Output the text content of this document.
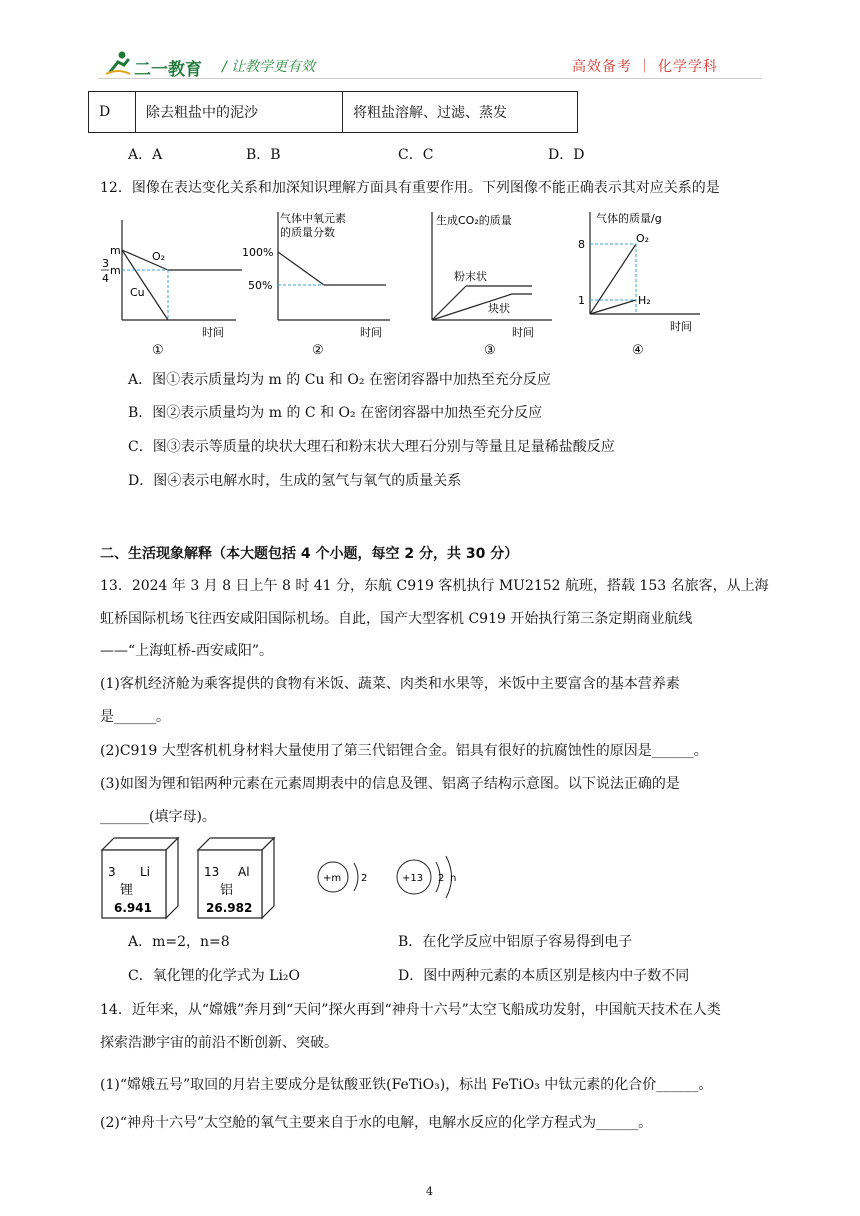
二一教育 / 让教学更有效	高效备考 ｜ 化学学科
D	除去粗盐中的泥沙	将粗盐溶解、过滤、蒸发
A．A	B．B	C．C	D．D
12．图像在表达变化关系和加深知识理解方面具有重要作用。下列图像不能正确表示其对应关系的是
m
3
4
m
O₂
Cu
时间
①
气体中氧元素
的质量分数
100%
50%
时间
②
生成CO₂的质量
粉末状
块状
时间
③
气体的质量/g
8
1
O₂
H₂
时间
④
A．图①表示质量均为 m 的 Cu 和 O₂ 在密闭容器中加热至充分反应
B．图②表示质量均为 m 的 C 和 O₂ 在密闭容器中加热至充分反应
C．图③表示等质量的块状大理石和粉末状大理石分别与等量且足量稀盐酸反应
D．图④表示电解水时，生成的氢气与氧气的质量关系
二、生活现象解释（本大题包括 4 个小题，每空 2 分，共 30 分）
13．2024 年 3 月 8 日上午 8 时 41 分，东航 C919 客机执行 MU2152 航班，搭载 153 名旅客，从上海
虹桥国际机场飞往西安咸阳国际机场。自此，国产大型客机 C919 开始执行第三条定期商业航线
——“上海虹桥-西安咸阳”。
(1)客机经济舱为乘客提供的食物有米饭、蔬菜、肉类和水果等，米饭中主要富含的基本营养素
是______。
(2)C919 大型客机机身材料大量使用了第三代铝锂合金。铝具有很好的抗腐蚀性的原因是______。
(3)如图为锂和铝两种元素在元素周期表中的信息及锂、铝离子结构示意图。以下说法正确的是
_______(填字母)。
3 Li
锂
6.941
13 Al
铝
26.982
+m 2	+13 2 n
A．m=2，n=8	B．在化学反应中铝原子容易得到电子
C．氧化锂的化学式为 Li₂O	D．图中两种元素的本质区别是核内中子数不同
14．近年来，从“嫦娥”奔月到“天问”探火再到“神舟十六号”太空飞船成功发射，中国航天技术在人类
探索浩渺宇宙的前沿不断创新、突破。
(1)“嫦娥五号”取回的月岩主要成分是钛酸亚铁(FeTiO₃)，标出 FeTiO₃ 中钛元素的化合价______。
(2)“神舟十六号”太空舱的氧气主要来自于水的电解，电解水反应的化学方程式为______。
4
